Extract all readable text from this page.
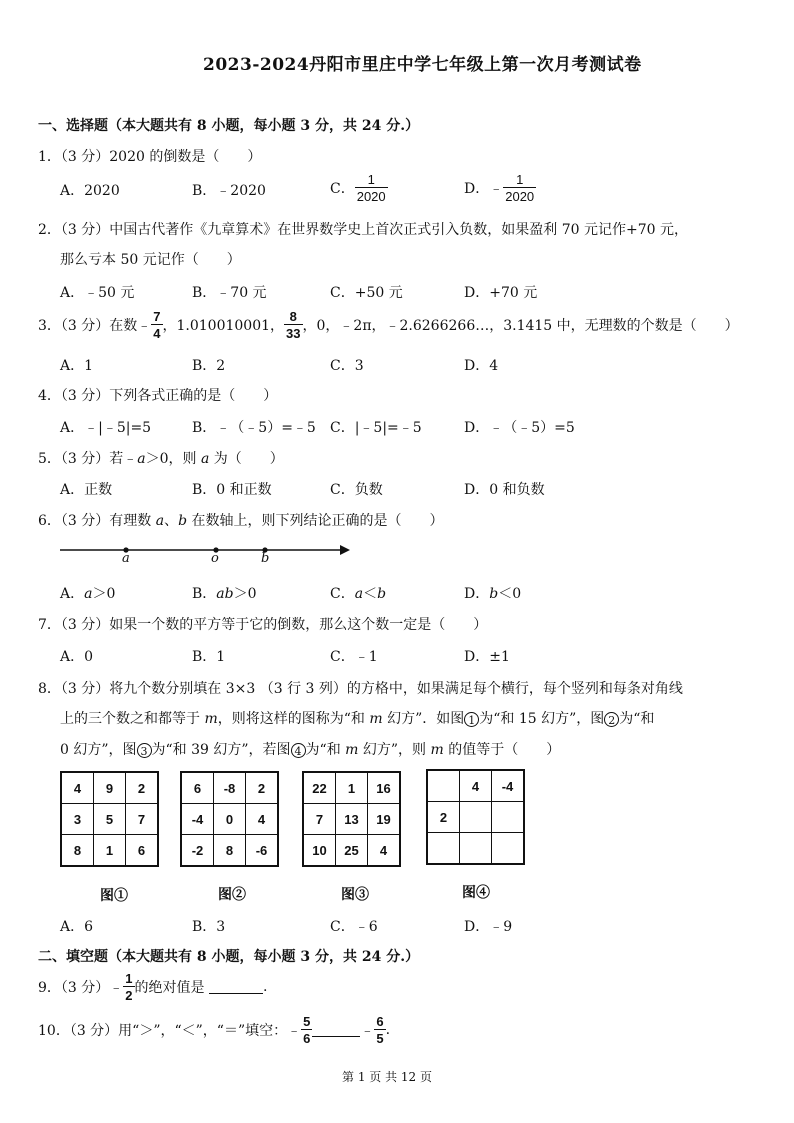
2023-2024丹阳市里庄中学七年级上第一次月考测试卷
一、选择题（本大题共有 8 小题，每小题 3 分，共 24 分.）
1．（3 分）2020 的倒数是（　　）
A．2020	B．﹣2020	C． $\frac{1}{2020}$	D．﹣ $\frac{1}{2020}$
2．（3 分）中国古代著作《九章算术》在世界数学史上首次正式引入负数，如果盈利 70 元记作+70 元，
那么亏本 50 元记作（　　）
A．﹣50 元	B．﹣70 元	C．+50 元	D．+70 元
3．（3 分）在数﹣ $\frac{7}{4}$ ，1.010010001， $\frac{8}{33}$ ，0，﹣2π，﹣2.6266266…，3.1415 中，无理数的个数是（　　）
A．1	B．2	C．3	D．4
4．（3 分）下列各式正确的是（　　）
A．﹣|﹣5|=5	B．﹣（﹣5）=﹣5 C．|﹣5|=﹣5	D．﹣（﹣5）=5
5．（3 分）若﹣a＞0，则 a 为（　　）
A．正数	B．0 和正数	C．负数	D．0 和负数
6．（3 分）有理数 a、b 在数轴上，则下列结论正确的是（　　）
a	o	b
A．a＞0	B．ab＞0	C．a＜b	D．b＜0
7．（3 分）如果一个数的平方等于它的倒数，那么这个数一定是（　　）
A．0	B．1	C．﹣1	D．±1
8．（3 分）将九个数分别填在 3×3 （3 行 3 列）的方格中，如果满足每个横行，每个竖列和每条对角线
上的三个数之和都等于 m，则将这样的图称为“和 m 幻方”．如图 1 为“和 15 幻方”，图 2 为“和
0 幻方”，图 3 为“和 39 幻方”，若图 4 为“和 m 幻方”，则 m 的值等于（　　）
4	9	2
3	5	7
8	1	6
6	-8	2
-4	0	4
-2	8	-6
22	1	16
7	13	19
10	25	4
	4	-4
2		

图①	图②	图③	图④
A．6	B．3	C．﹣6	D．﹣9
二、填空题（本大题共有 8 小题，每小题 3 分，共 24 分.）
9．（3 分）﹣ $\frac{1}{2}$ 的绝对值是	.
10．（3 分）用“＞”，“＜”，“＝”填空：﹣ $\frac{5}{6}$	﹣ $\frac{6}{5}$ .
第 1 页 共 12 页
